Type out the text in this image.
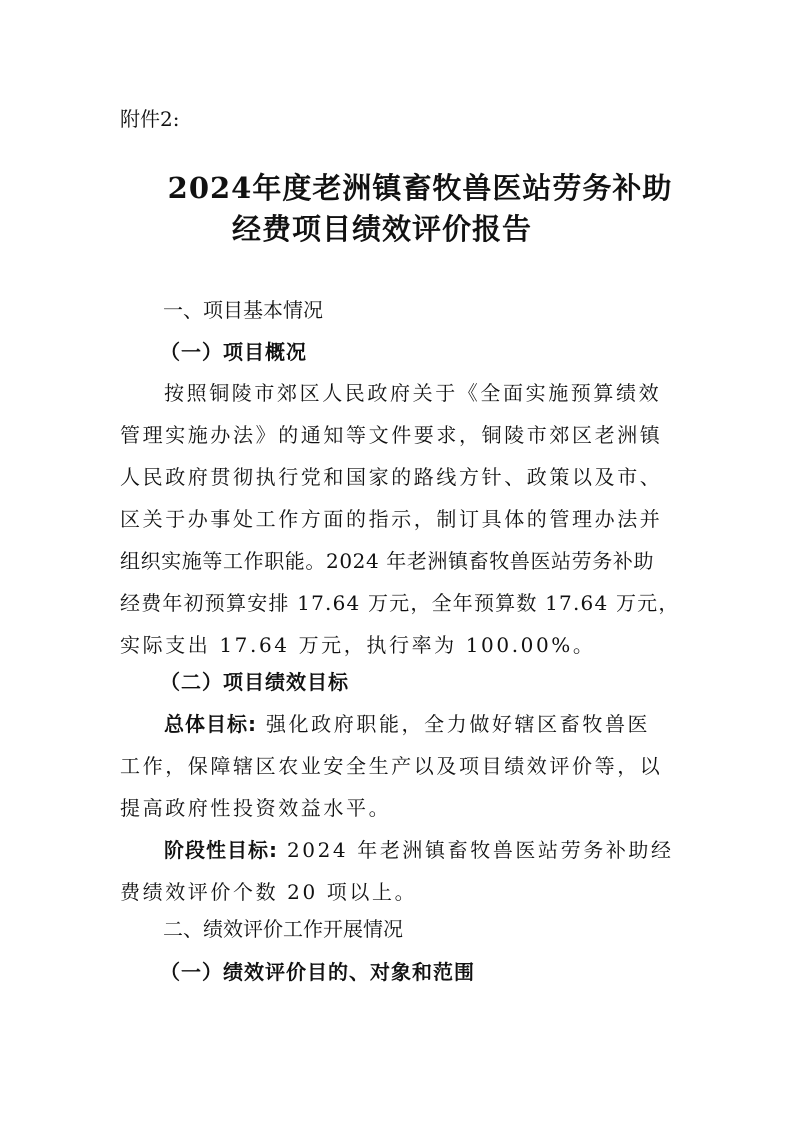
附件2:
2024年度老洲镇畜牧兽医站劳务补助
经费项目绩效评价报告
一、项目基本情况
（一）项目概况
按照铜陵市郊区人民政府关于《全面实施预算绩效
管理实施办法》的通知等文件要求，铜陵市郊区老洲镇
人民政府贯彻执行党和国家的路线方针、政策以及市、
区关于办事处工作方面的指示，制订具体的管理办法并
组织实施等工作职能。2024 年老洲镇畜牧兽医站劳务补助
经费年初预算安排 17.64 万元，全年预算数 17.64 万元，
实际支出 17.64 万元，执行率为 100.00%。
（二）项目绩效目标
总体目标: 强化政府职能，全力做好辖区畜牧兽医
工作，保障辖区农业安全生产以及项目绩效评价等，以
提高政府性投资效益水平。
阶段性目标: 2024 年老洲镇畜牧兽医站劳务补助经
费绩效评价个数 20 项以上。
二、绩效评价工作开展情况
（一）绩效评价目的、对象和范围
